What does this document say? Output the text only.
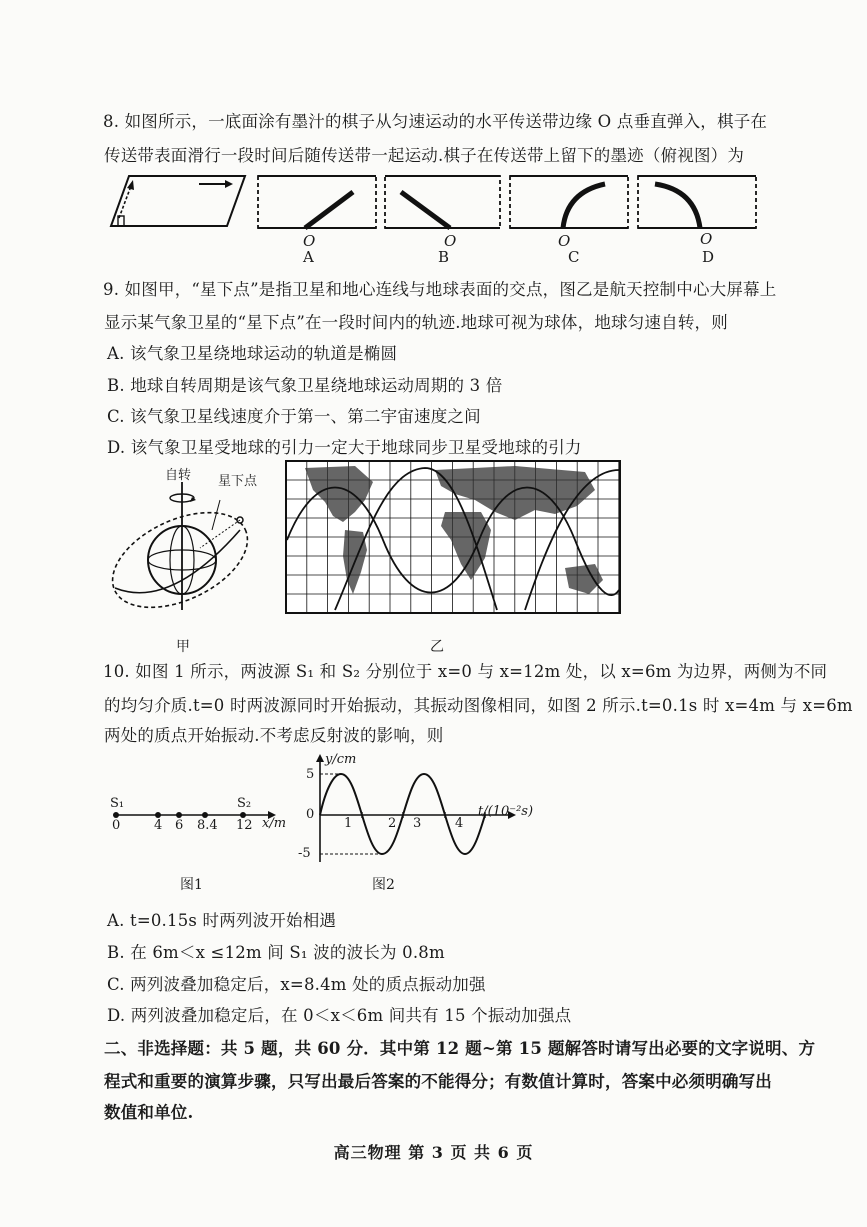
8. 如图所示，一底面涂有墨汁的棋子从匀速运动的水平传送带边缘 O 点垂直弹入，棋子在
传送带表面滑行一段时间后随传送带一起运动.棋子在传送带上留下的墨迹（俯视图）为
O
A
O
B
O
C
O
D
9. 如图甲，“星下点”是指卫星和地心连线与地球表面的交点，图乙是航天控制中心大屏幕上
显示某气象卫星的“星下点”在一段时间内的轨迹.地球可视为球体，地球匀速自转，则
A. 该气象卫星绕地球运动的轨道是椭圆
B. 地球自转周期是该气象卫星绕地球运动周期的 3 倍
C. 该气象卫星线速度介于第一、第二宇宙速度之间
D. 该气象卫星受地球的引力一定大于地球同步卫星受地球的引力
自转 星下点
甲	乙
10. 如图 1 所示，两波源 S₁ 和 S₂ 分别位于 x=0 与 x=12m 处，以 x=6m 为边界，两侧为不同
的均匀介质.t=0 时两波源同时开始振动，其振动图像相同，如图 2 所示.t=0.1s 时 x=4m 与 x=6m
两处的质点开始振动.不考虑反射波的影响，则
S₁	S₂
0	4 6 8.4 12 x/m
图1
y/cm
5
0
-5
1	2 3	4
t/(10⁻²s)
图2
A. t=0.15s 时两列波开始相遇
B. 在 6m＜x ≤12m 间 S₁ 波的波长为 0.8m
C. 两列波叠加稳定后，x=8.4m 处的质点振动加强
D. 两列波叠加稳定后，在 0＜x＜6m 间共有 15 个振动加强点
二、非选择题：共 5 题，共 60 分．其中第 12 题~第 15 题解答时请写出必要的文字说明、方
程式和重要的演算步骤，只写出最后答案的不能得分；有数值计算时，答案中必须明确写出
数值和单位.
高三物理 第 3 页 共 6 页
